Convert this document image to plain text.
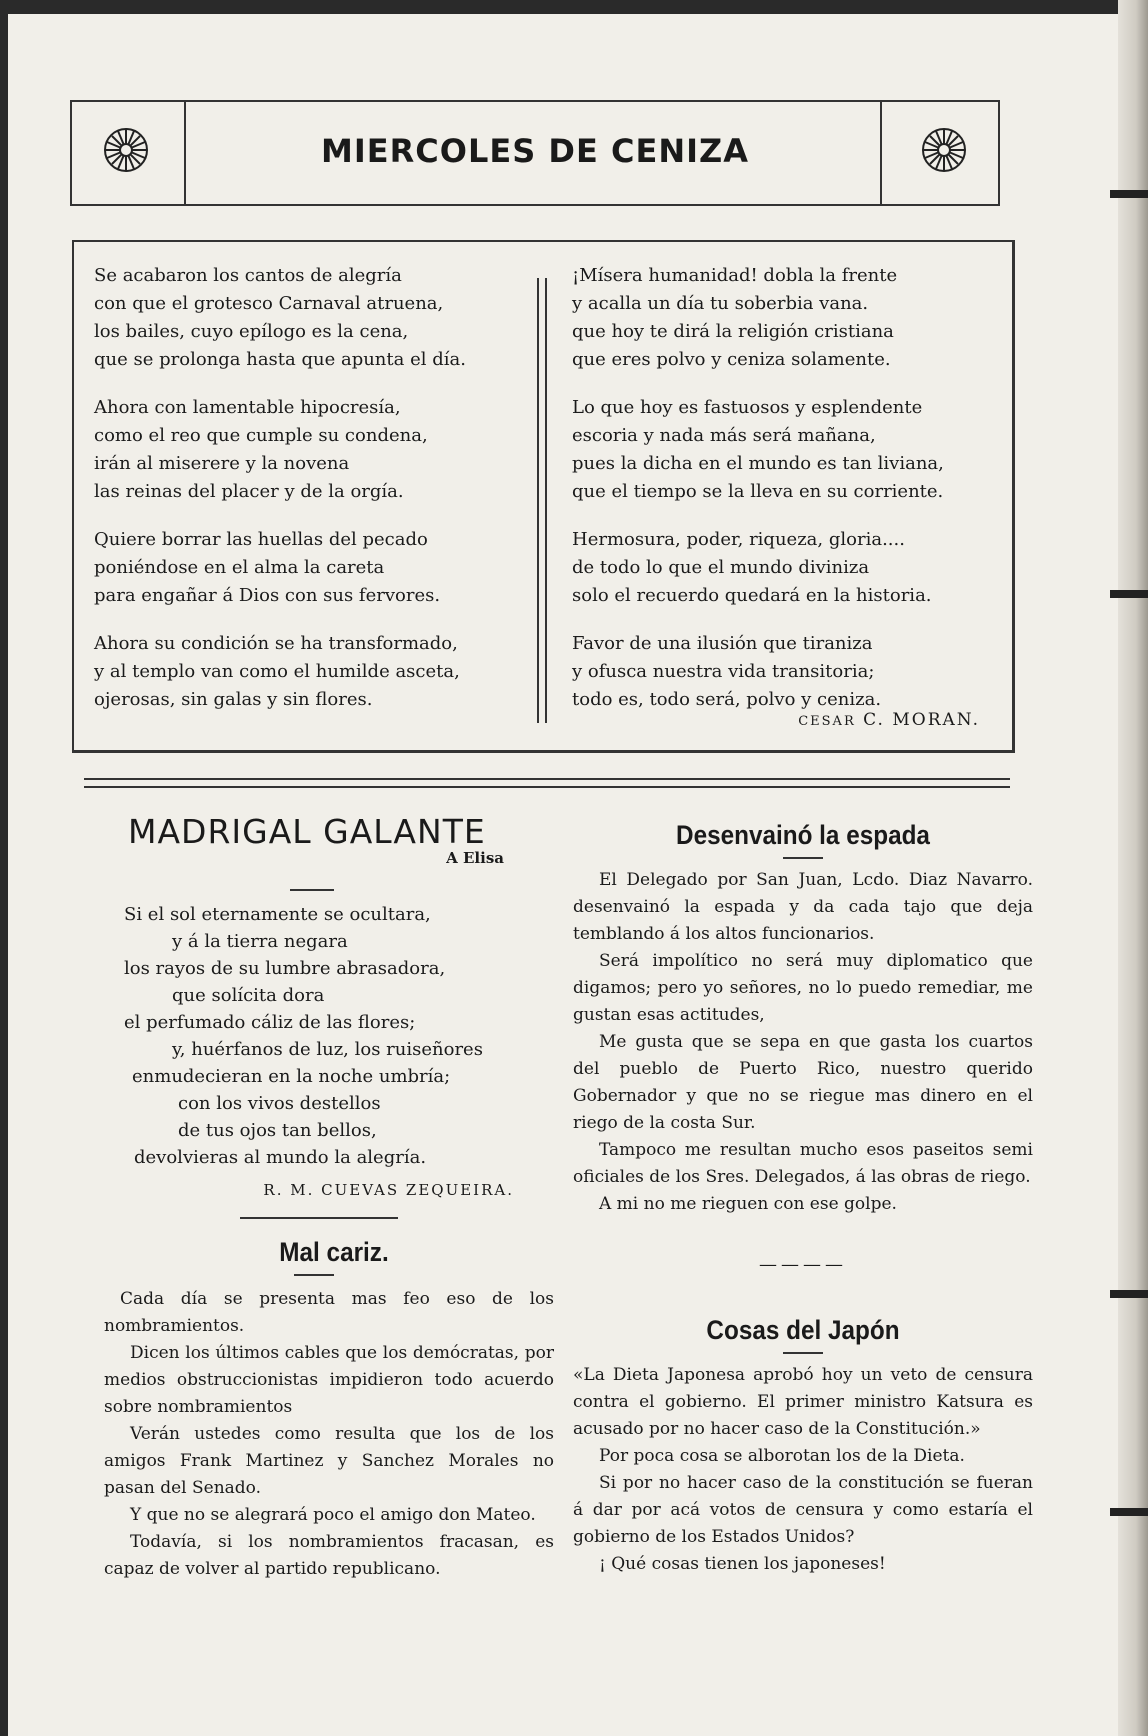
MIERCOLES DE CENIZA
Se acabaron los cantos de alegría
con que el grotesco Carnaval atruena,
los bailes, cuyo epílogo es la cena,
que se prolonga hasta que apunta el día.
Ahora con lamentable hipocresía,
como el reo que cumple su condena,
irán al miserere y la novena
las reinas del placer y de la orgía.
Quiere borrar las huellas del pecado
poniéndose en el alma la careta
para engañar á Dios con sus fervores.
Ahora su condición se ha transformado,
y al templo van como el humilde asceta,
ojerosas, sin galas y sin flores.
¡Mísera humanidad! dobla la frente
y acalla un día tu soberbia vana.
que hoy te dirá la religión cristiana
que eres polvo y ceniza solamente.
Lo que hoy es fastuosos y esplendente
escoria y nada más será mañana,
pues la dicha en el mundo es tan liviana,
que el tiempo se la lleva en su corriente.
Hermosura, poder, riqueza, gloria....
de todo lo que el mundo diviniza
solo el recuerdo quedará en la historia.
Favor de una ilusión que tiraniza
y ofusca nuestra vida transitoria;
todo es, todo será, polvo y ceniza.
CESAR C. MORAN.
MADRIGAL GALANTE
A Elisa
Si el sol eternamente se ocultara,
y á la tierra negara
los rayos de su lumbre abrasadora,
que solícita dora
el perfumado cáliz de las flores;
y, huérfanos de luz, los ruiseñores
enmudecieran en la noche umbría;
con los vivos destellos
de tus ojos tan bellos,
devolvieras al mundo la alegría.
R. M. CUEVAS ZEQUEIRA.
Mal cariz.

Cada día se presenta mas feo eso de los nombramientos.

Dicen los últimos cables que los demócratas, por medios obstruccionistas impidieron todo acuerdo sobre nombramientos

Verán ustedes como resulta que los de los amigos Frank Martinez y Sanchez Morales no pasan del Senado.

Y que no se alegrará poco el amigo don Mateo.

Todavía, si los nombramientos fracasan, es capaz de volver al partido republicano.

Desenvainó la espada

El Delegado por San Juan, Lcdo. Diaz Navarro. desenvainó la espada y da cada tajo que deja temblando á los altos funcionarios.

Será impolítico no será muy diplomatico que digamos; pero yo señores, no lo puedo remediar, me gustan esas actitudes,

Me gusta que se sepa en que gasta los cuartos del pueblo de Puerto Rico, nuestro querido Gobernador y que no se riegue mas dinero en el riego de la costa Sur.

Tampoco me resultan mucho esos paseitos semi oficiales de los Sres. Delegados, á las obras de riego.

A mi no me rieguen con ese golpe.

————
Cosas del Japón

«La Dieta Japonesa aprobó hoy un veto de censura contra el gobierno. El primer ministro Katsura es acusado por no hacer caso de la Constitución.»

Por poca cosa se alborotan los de la Dieta.

Si por no hacer caso de la constitución se fueran á dar por acá votos de censura y como estaría el gobierno de los Estados Unidos?

¡ Qué cosas tienen los japoneses!
